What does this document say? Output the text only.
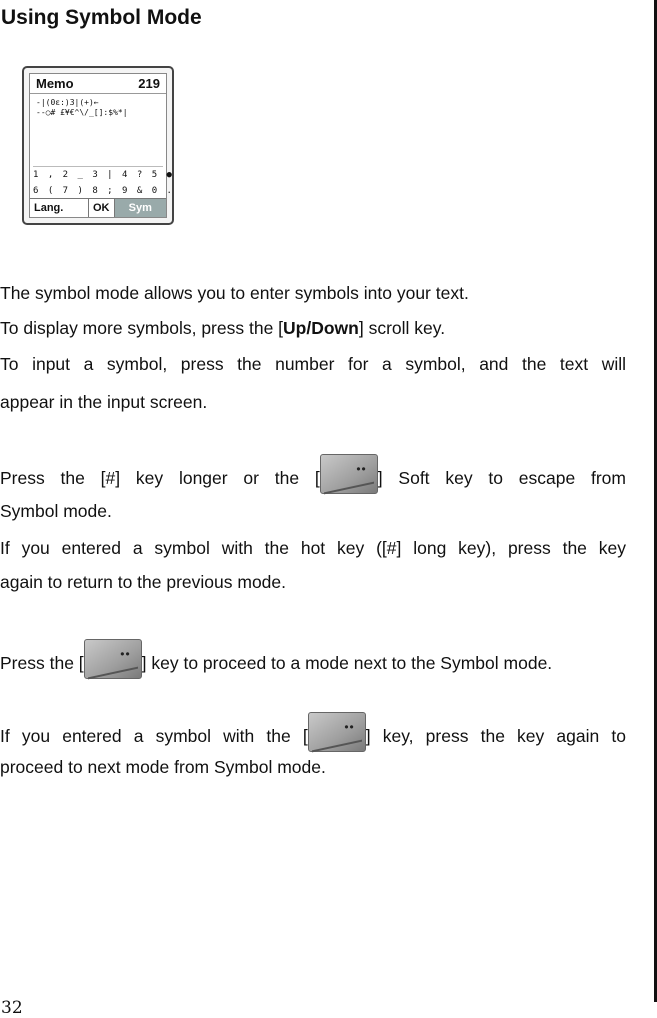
Using Symbol Mode
Memo	219
-|(0ε:)3|(+)←
--○# £¥€^\/_[]:$%*|
1 , 2 _ 3 | 4 ? 5 ●
6 ( 7 ) 8 ; 9 & 0 .
Lang.	OK	Sym
The symbol mode allows you to enter symbols into your text.
To display more symbols, press the [Up/Down] scroll key.
To input a symbol, press the number for a symbol, and the text will
appear in the input screen.
Press the [#] key longer or the [ ••	] Soft key to escape from
Symbol mode.
If you entered a symbol with the hot key ([#] long key), press the key
again to return to the previous mode.
Press the [ ••	] key to proceed to a mode next to the Symbol mode.
If you entered a symbol with the [ ••	] key, press the key again to
proceed to next mode from Symbol mode.
32
